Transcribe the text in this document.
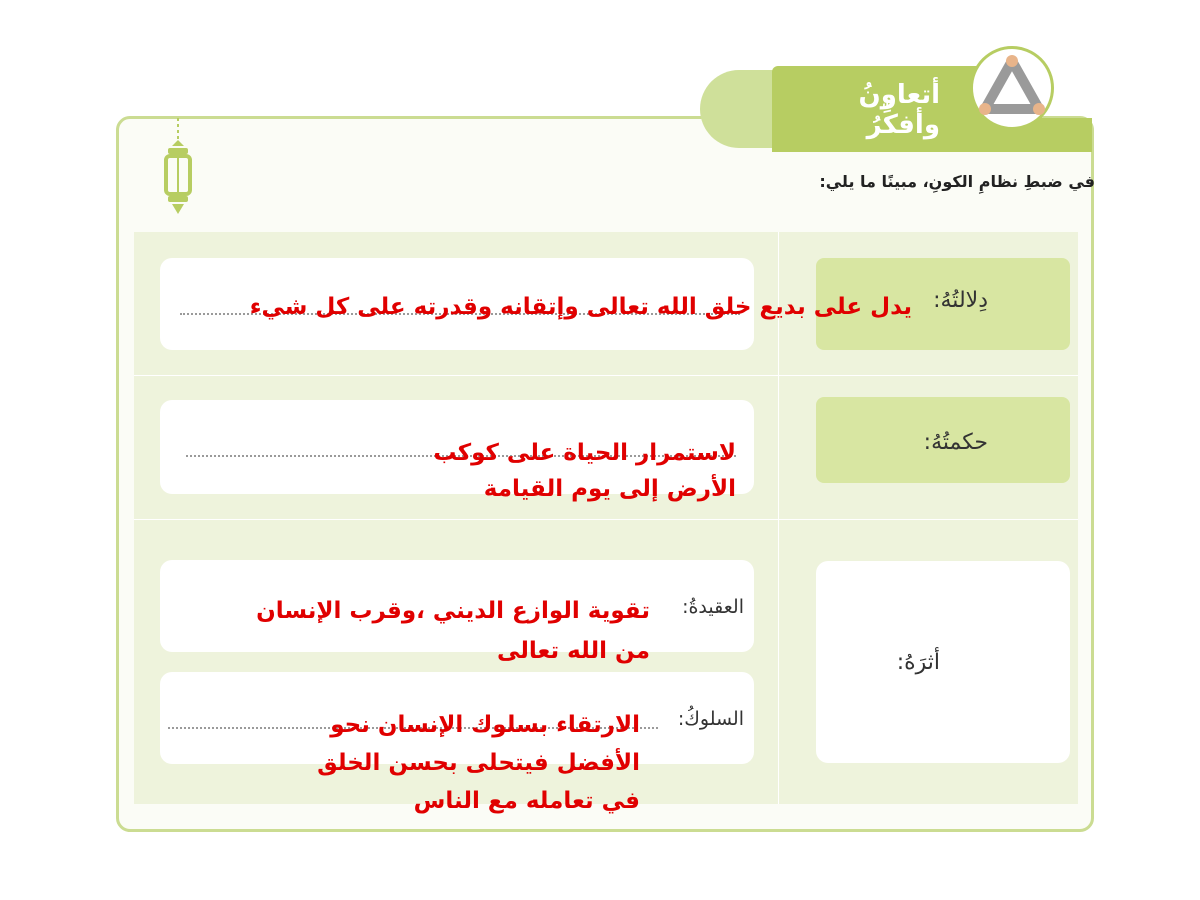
أتعاونُ وأفكِّرُ
في ضبطِ نظامِ الكونِ، مبينًا ما يلي:
دِلالتُهُ:
يدل على بديع خلق الله تعالى وإتقانه وقدرته على كل شيء
حكمتُهُ:
لاستمرار الحياة على كوكب
الأرض إلى يوم القيامة
أثرَهُ:
العقيدةُ:
تقوية الوازع الديني ،وقرب الإنسان
من الله تعالى
السلوكُ:
الارتقاء بسلوك الإنسان نحو
الأفضل فيتحلى بحسن الخلق
في تعامله مع الناس
